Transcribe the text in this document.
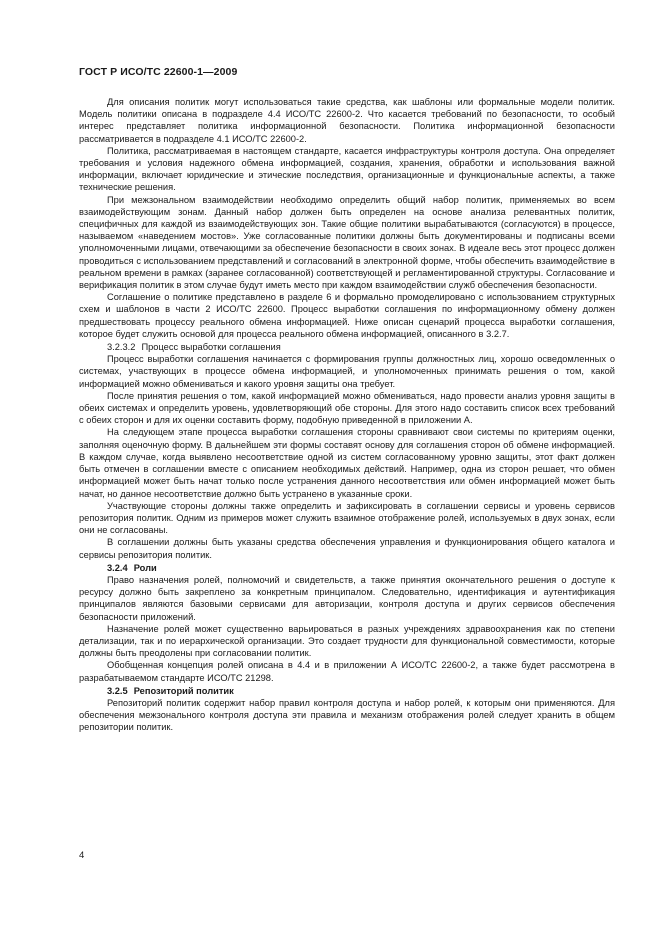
ГОСТ Р ИСО/ТС 22600-1—2009

Для описания политик могут использоваться такие средства, как шаблоны или формальные модели политик. Модель политики описана в подразделе 4.4 ИСО/ТС 22600-2. Что касается требований по безопасности, то особый интерес представляет политика информационной безопасности. Политика информационной безопасности рассматривается в подразделе 4.1 ИСО/ТС 22600-2.

Политика, рассматриваемая в настоящем стандарте, касается инфраструктуры контроля доступа. Она определяет требования и условия надежного обмена информацией, создания, хранения, обработки и использования важной информации, включает юридические и этические последствия, организационные и функциональные аспекты, а также технические решения.

При межзональном взаимодействии необходимо определить общий набор политик, применяемых во всем взаимодействующим зонам. Данный набор должен быть определен на основе анализа релевантных политик, специфичных для каждой из взаимодействующих зон. Такие общие политики вырабатываются (согласуются) в процессе, называемом «наведением мостов». Уже согласованные политики должны быть документированы и подписаны всеми уполномоченными лицами, отвечающими за обеспечение безопасности в своих зонах. В идеале весь этот процесс должен проводиться с использованием представлений и согласований в электронной форме, чтобы обеспечить взаимодействие в реальном времени в рамках (заранее согласованной) соответствующей и регламентированной структуры. Согласование и верификация политик в этом случае будут иметь место при каждом взаимодействии служб обеспечения безопасности.

Соглашение о политике представлено в разделе 6 и формально промоделировано с использованием структурных схем и шаблонов в части 2 ИСО/ТС 22600. Процесс выработки соглашения по информационному обмену должен предшествовать процессу реального обмена информацией. Ниже описан сценарий процесса выработки соглашения, которое будет служить основой для процесса реального обмена информацией, описанного в 3.2.7.

3.2.3.2 Процесс выработки соглашения

Процесс выработки соглашения начинается с формирования группы должностных лиц, хорошо осведомленных о системах, участвующих в процессе обмена информацией, и уполномоченных принимать решения о том, какой информацией можно обмениваться и какого уровня защиты она требует.

После принятия решения о том, какой информацией можно обмениваться, надо провести анализ уровня защиты в обеих системах и определить уровень, удовлетворяющий обе стороны. Для этого надо составить список всех требований с обеих сторон и для их оценки составить форму, подобную приведенной в приложении А.

На следующем этапе процесса выработки соглашения стороны сравнивают свои системы по критериям оценки, заполняя оценочную форму. В дальнейшем эти формы составят основу для соглашения сторон об обмене информацией. В каждом случае, когда выявлено несоответствие одной из систем согласованному уровню защиты, этот факт должен быть отмечен в соглашении вместе с описанием необходимых действий. Например, одна из сторон решает, что обмен информацией может быть начат только после устранения данного несоответствия или обмен информацией может быть начат, но данное несоответствие должно быть устранено в указанные сроки.

Участвующие стороны должны также определить и зафиксировать в соглашении сервисы и уровень сервисов репозитория политик. Одним из примеров может служить взаимное отображение ролей, используемых в двух зонах, если они не согласованы.

В соглашении должны быть указаны средства обеспечения управления и функционирования общего каталога и сервисы репозитория политик.

3.2.4 Роли

Право назначения ролей, полномочий и свидетельств, а также принятия окончательного решения о доступе к ресурсу должно быть закреплено за конкретным принципалом. Следовательно, идентификация и аутентификация принципалов являются базовыми сервисами для авторизации, контроля доступа и других сервисов обеспечения безопасности приложений.

Назначение ролей может существенно варьироваться в разных учреждениях здравоохранения как по степени детализации, так и по иерархической организации. Это создает трудности для функциональной совместимости, которые должны быть преодолены при согласовании политик.

Обобщенная концепция ролей описана в 4.4 и в приложении А ИСО/ТС 22600-2, а также будет рассмотрена в разрабатываемом стандарте ИСО/ТС 21298.

3.2.5 Репозиторий политик

Репозиторий политик содержит набор правил контроля доступа и набор ролей, к которым они применяются. Для обеспечения межзонального контроля доступа эти правила и механизм отображения ролей следует хранить в общем репозитории политик.

4
